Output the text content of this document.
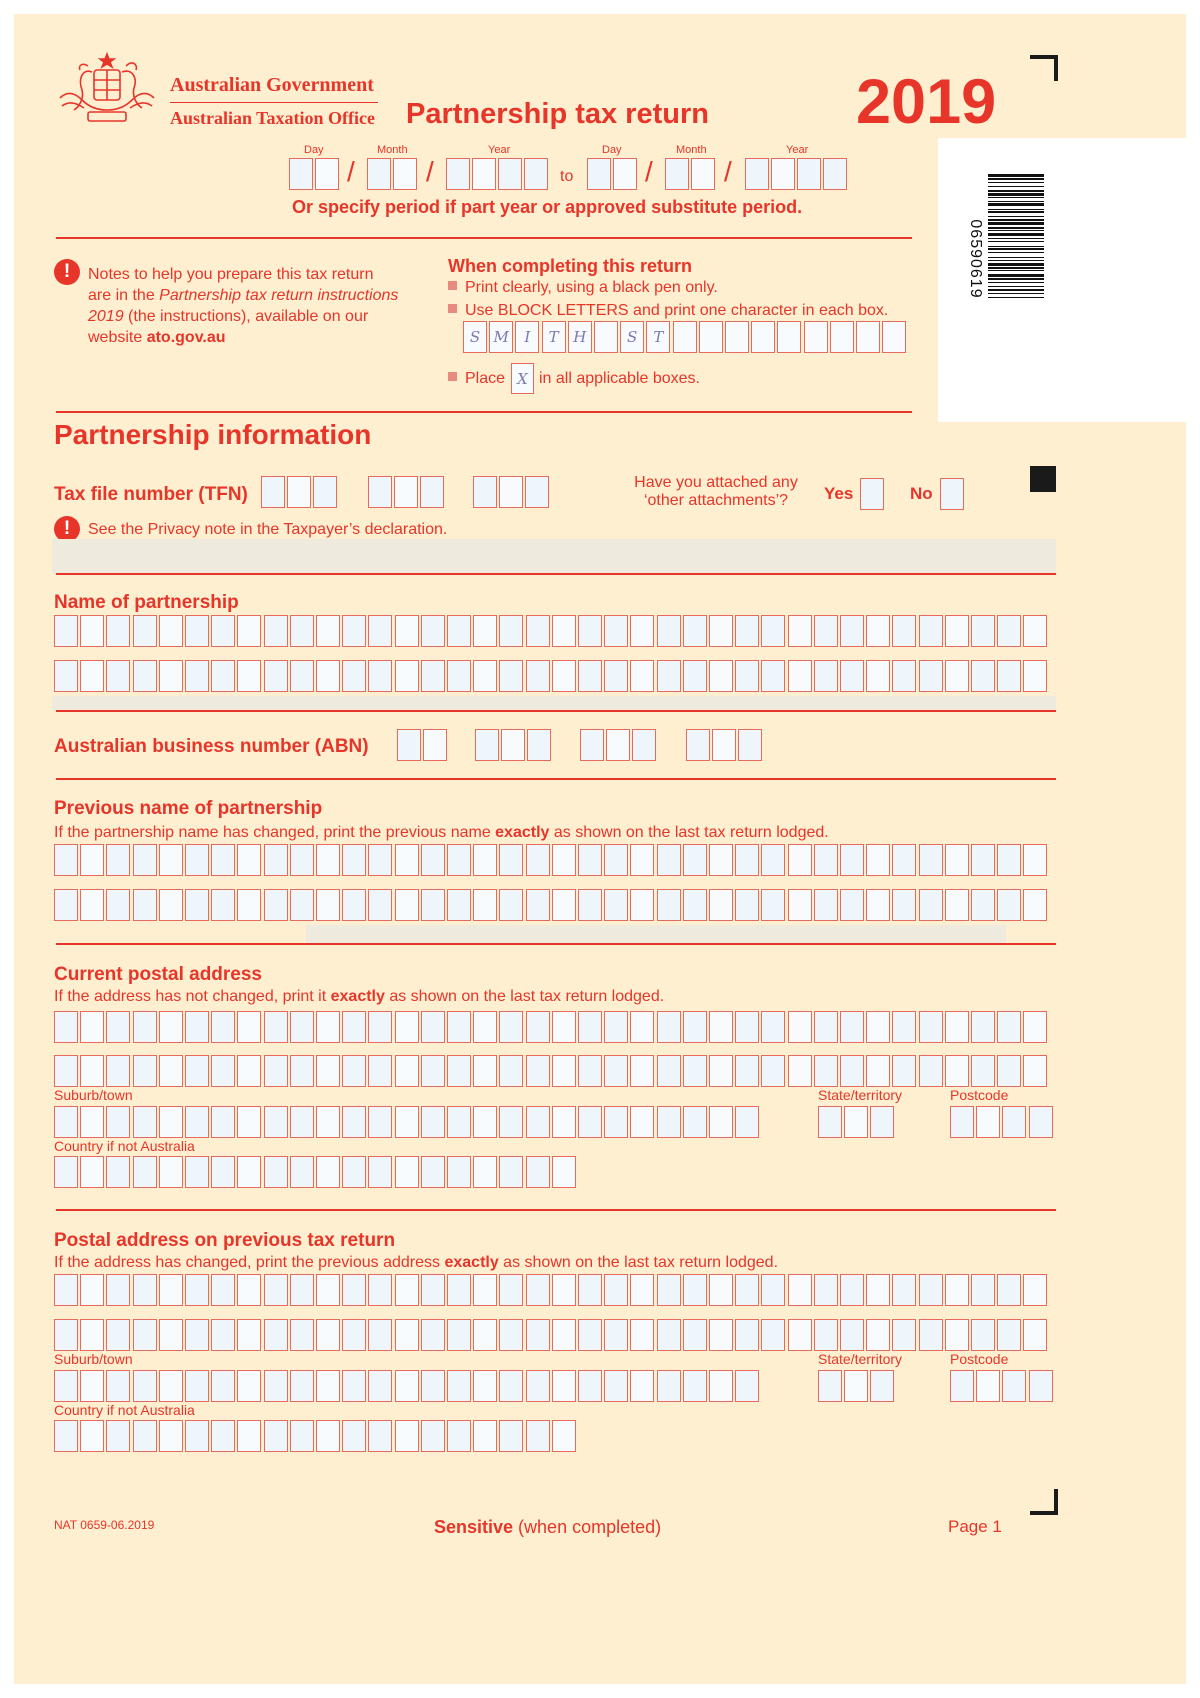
Australian Government
Australian Taxation Office Partnership tax return 2019
06590619
Day	Month	Year	Day	Month	Year
/	/	to	/	/
Or specify period if part year or approved substitute period.
!	Notes to help you prepare this tax return
are in the Partnership tax return instructions
2019 (the instructions), available on our
website ato.gov.au
When completing this return
Print clearly, using a black pen only.
Use BLOCK LETTERS and print one character in each box.
Place X in all applicable boxes.
Partnership information
Tax file number (TFN)
Have you attached any
‘other attachments’?	Yes	No
!	See the Privacy note in the Taxpayer’s declaration.
Name of partnership
Australian business number (ABN)
Previous name of partnership
If the partnership name has changed, print the previous name exactly as shown on the last tax return lodged.
Current postal address
If the address has not changed, print it exactly as shown on the last tax return lodged.
Suburb/town	State/territory	Postcode
Country if not Australia
Postal address on previous tax return
If the address has changed, print the previous address exactly as shown on the last tax return lodged.
Suburb/town	State/territory	Postcode
Country if not Australia
NAT 0659-06.2019	Sensitive (when completed)	Page 1
S M	I	T H	S	T
